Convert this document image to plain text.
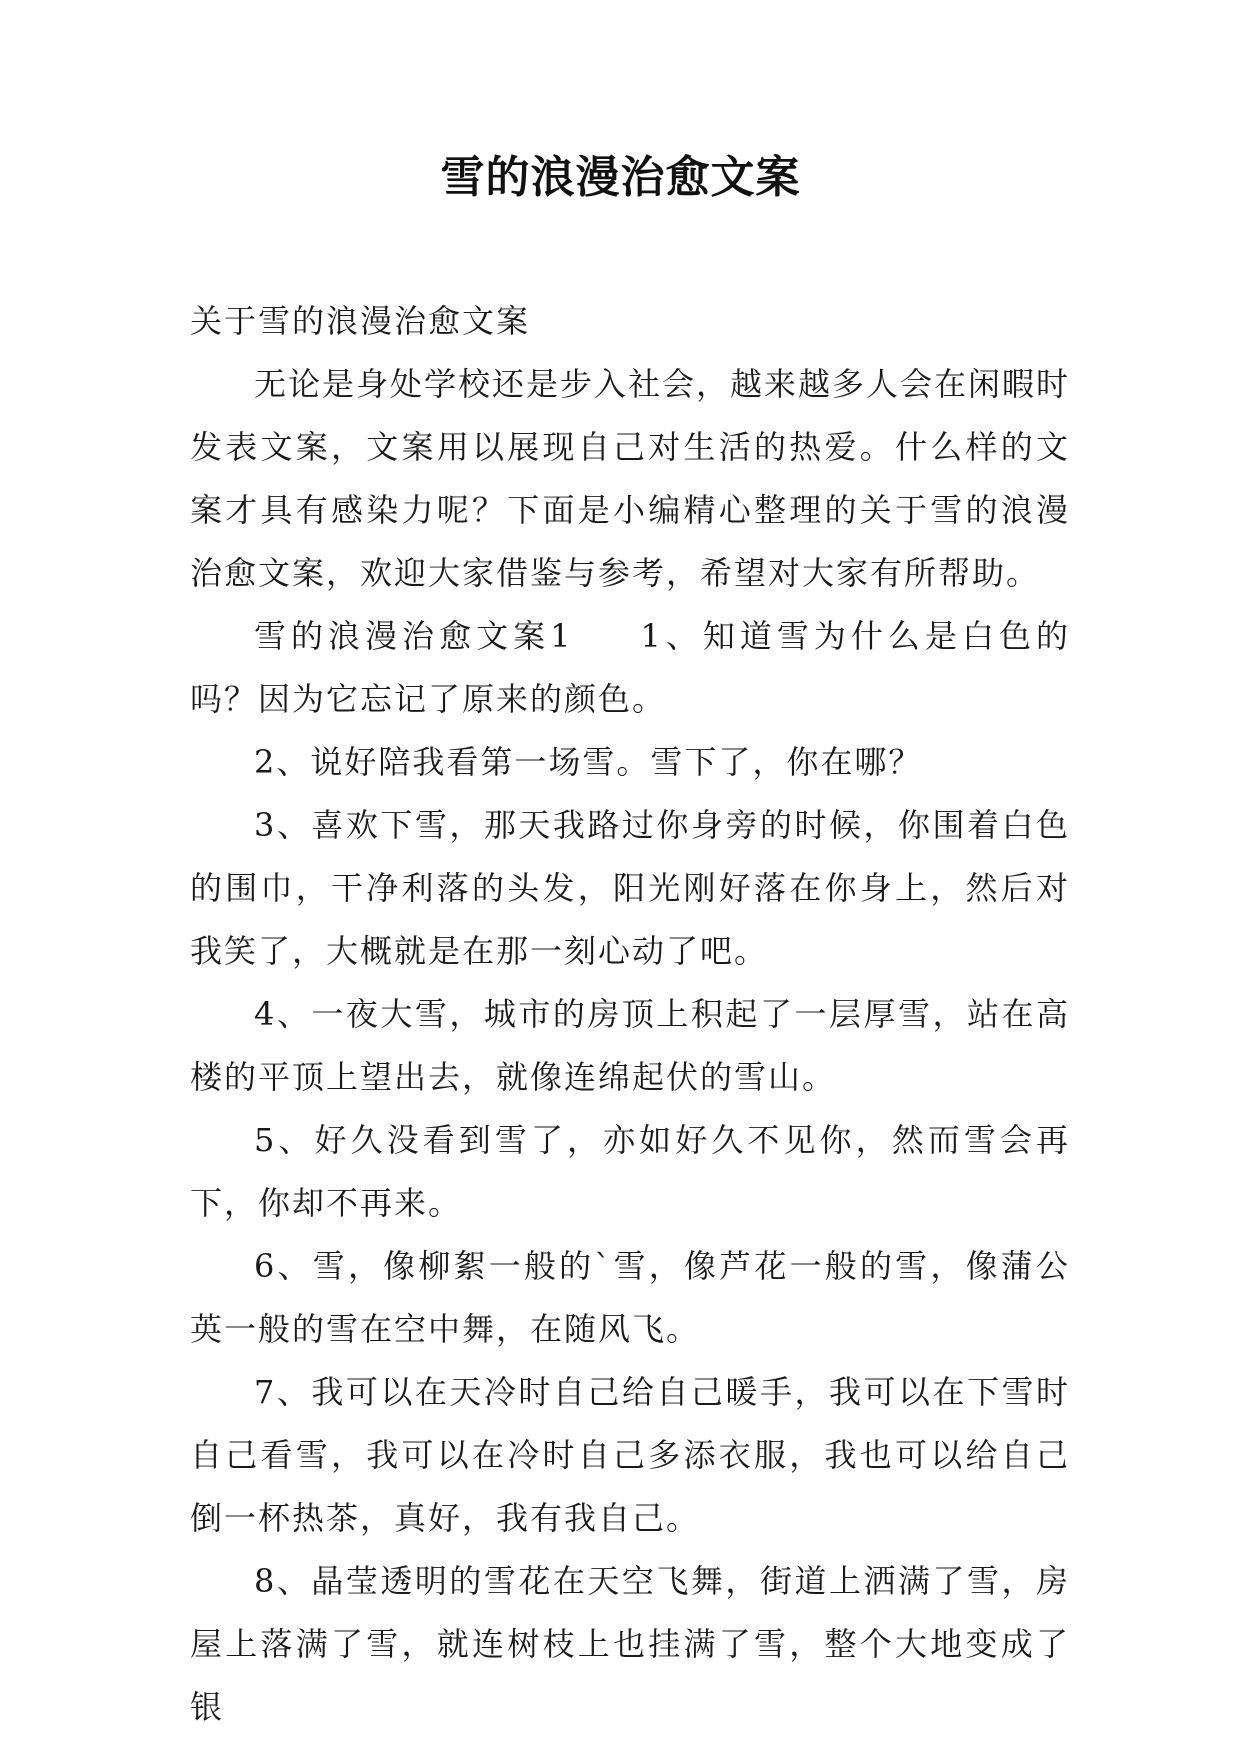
雪的浪漫治愈文案

关于雪的浪漫治愈文案

无论是身处学校还是步入社会，越来越多人会在闲暇时发表文案，文案用以展现自己对生活的热爱。什么样的文案才具有感染力呢？下面是小编精心整理的关于雪的浪漫治愈文案，欢迎大家借鉴与参考，希望对大家有所帮助。

雪的浪漫治愈文案1 1、知道雪为什么是白色的吗？因为它忘记了原来的颜色。

2、说好陪我看第一场雪。雪下了，你在哪？

3、喜欢下雪，那天我路过你身旁的时候，你围着白色的围巾，干净利落的头发，阳光刚好落在你身上，然后对我笑了，大概就是在那一刻心动了吧。

4、一夜大雪，城市的房顶上积起了一层厚雪，站在高楼的平顶上望出去，就像连绵起伏的雪山。

5、好久没看到雪了，亦如好久不见你，然而雪会再下，你却不再来。

6、雪，像柳絮一般的`雪，像芦花一般的雪，像蒲公英一般的雪在空中舞，在随风飞。

7、我可以在天冷时自己给自己暖手，我可以在下雪时自己看雪，我可以在冷时自己多添衣服，我也可以给自己倒一杯热茶，真好，我有我自己。

8、晶莹透明的雪花在天空飞舞，街道上洒满了雪，房屋上落满了雪，就连树枝上也挂满了雪，整个大地变成了银
